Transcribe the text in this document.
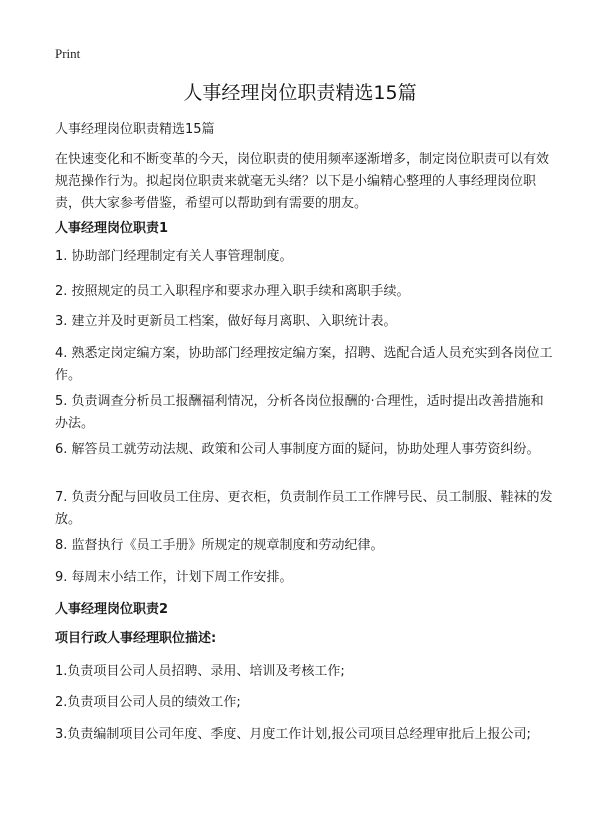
Print
人事经理岗位职责精选15篇
人事经理岗位职责精选15篇
在快速变化和不断变革的今天，岗位职责的使用频率逐渐增多，制定岗位职责可以有效规范操作行为。拟起岗位职责来就毫无头绪？以下是小编精心整理的人事经理岗位职责，供大家参考借鉴，希望可以帮助到有需要的朋友。
人事经理岗位职责1
1. 协助部门经理制定有关人事管理制度。
2. 按照规定的员工入职程序和要求办理入职手续和离职手续。
3. 建立并及时更新员工档案，做好每月离职、入职统计表。
4. 熟悉定岗定编方案，协助部门经理按定编方案，招聘、选配合适人员充实到各岗位工作。
5. 负责调查分析员工报酬福利情况，分析各岗位报酬的‧合理性，适时提出改善措施和办法。
6. 解答员工就劳动法规、政策和公司人事制度方面的疑问，协助处理人事劳资纠纷。
7. 负责分配与回收员工住房、更衣柜，负责制作员工工作牌号民、员工制服、鞋袜的发放。
8. 监督执行《员工手册》所规定的规章制度和劳动纪律。
9. 每周末小结工作，计划下周工作安排。
人事经理岗位职责2
项目行政人事经理职位描述:
1.负责项目公司人员招聘、录用、培训及考核工作;
2.负责项目公司人员的绩效工作;
3.负责编制项目公司年度、季度、月度工作计划,报公司项目总经理审批后上报公司;
